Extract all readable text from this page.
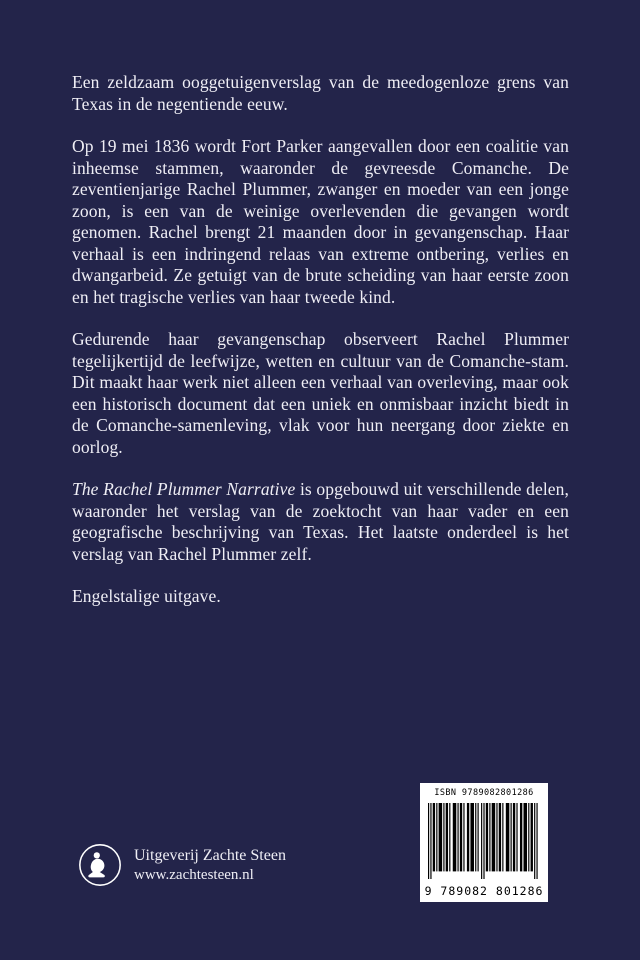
Een zeldzaam ooggetuigenverslag van de meedogenloze grens van Texas in de negentiende eeuw.

Op 19 mei 1836 wordt Fort Parker aangevallen door een coalitie van inheemse stammen, waaronder de gevreesde Comanche. De zeventienjarige Rachel Plummer, zwanger en moeder van een jonge zoon, is een van de weinige overlevenden die gevangen wordt genomen. Rachel brengt 21 maanden door in gevangenschap. Haar verhaal is een indringend relaas van extreme ontbering, verlies en dwangarbeid. Ze getuigt van de brute scheiding van haar eerste zoon en het tragische verlies van haar tweede kind.

Gedurende haar gevangenschap observeert Rachel Plummer tegelijkertijd de leefwijze, wetten en cultuur van de Comanche-stam. Dit maakt haar werk niet alleen een verhaal van overleving, maar ook een historisch document dat een uniek en onmisbaar inzicht biedt in de Comanche-samenleving, vlak voor hun neergang door ziekte en oorlog.

The Rachel Plummer Narrative is opgebouwd uit verschillende delen, waaronder het verslag van de zoektocht van haar vader en een geografische beschrijving van Texas. Het laatste onderdeel is het verslag van Rachel Plummer zelf.

Engelstalige uitgave.

Uitgeverij Zachte Steen
www.zachtesteen.nl
ISBN 9789082801286
9 789082 801286
